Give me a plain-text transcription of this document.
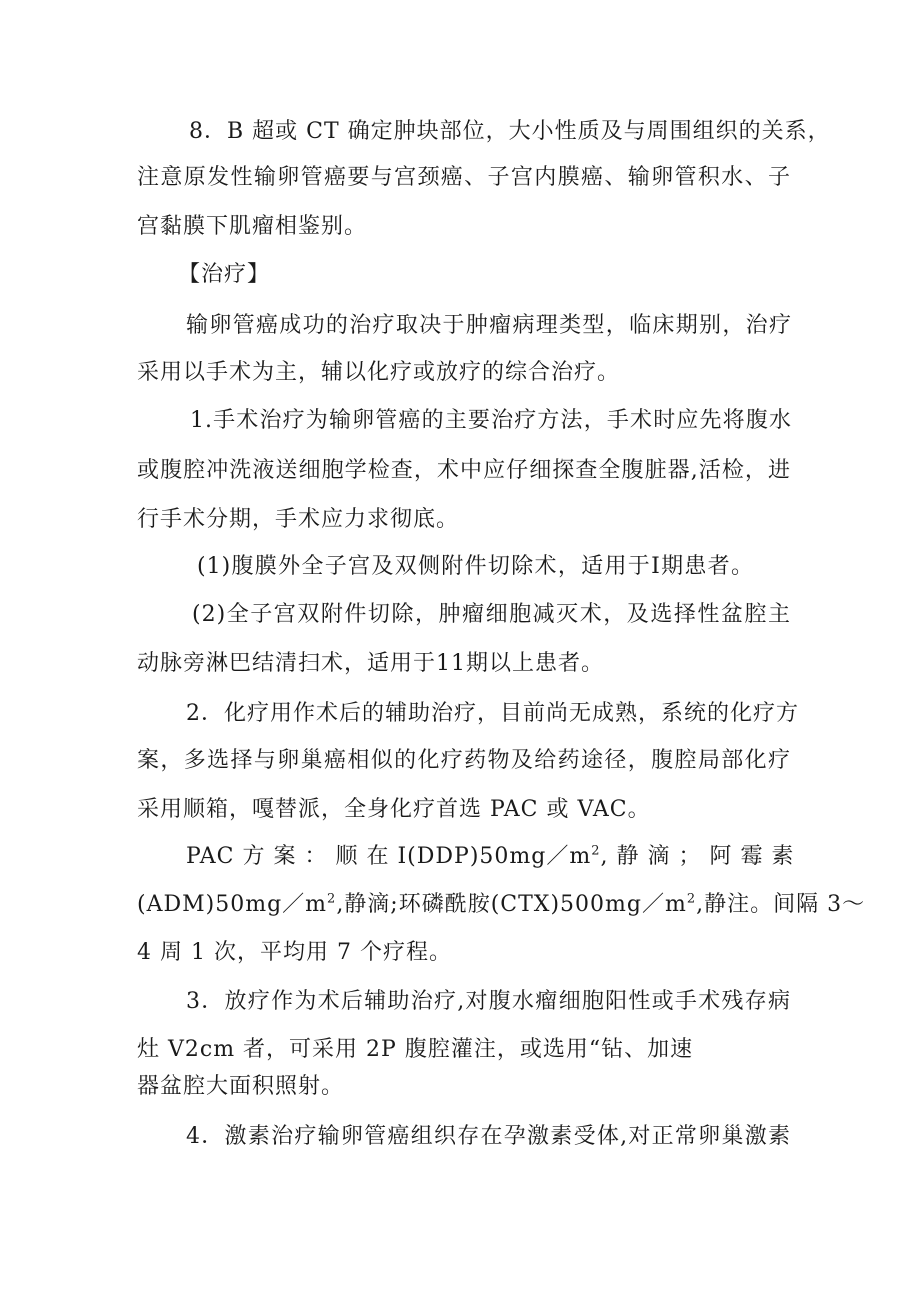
8．B 超或 CT 确定肿块部位，大小性质及与周围组织的关系，
注意原发性输卵管癌要与宫颈癌、子宫内膜癌、输卵管积水、子
宫黏膜下肌瘤相鉴别。
【治疗】
输卵管癌成功的治疗取决于肿瘤病理类型，临床期别，治疗
采用以手术为主，辅以化疗或放疗的综合治疗。
1.手术治疗为输卵管癌的主要治疗方法，手术时应先将腹水
或腹腔冲洗液送细胞学检查，术中应仔细探查全腹脏器,活检，进
行手术分期，手术应力求彻底。
(1)腹膜外全子宫及双侧附件切除术，适用于Ⅰ期患者。
(2)全子宫双附件切除，肿瘤细胞减灭术，及选择性盆腔主
动脉旁淋巴结清扫术，适用于11期以上患者。
2．化疗用作术后的辅助治疗，目前尚无成熟，系统的化疗方
案，多选择与卵巢癌相似的化疗药物及给药途径，腹腔局部化疗
采用顺箱，嘎替派，全身化疗首选 PAC 或 VAC。
PAC 方 案 ： 顺 在 $Ⅰ(DDP)50mg/m^2$, 静 滴 ； 阿 霉 素
$(ADM)50mg/m^2$,静滴;环磷酰胺$(CTX)500mg/m^2$,静注。间隔 3～
4 周 1 次，平均用 7 个疗程。
3．放疗作为术后辅助治疗,对腹水瘤细胞阳性或手术残存病
灶 V2cm 者，可采用 2P 腹腔灌注，或选用“钻、加速
器盆腔大面积照射。
4．激素治疗输卵管癌组织存在孕激素受体,对正常卵巢激素
